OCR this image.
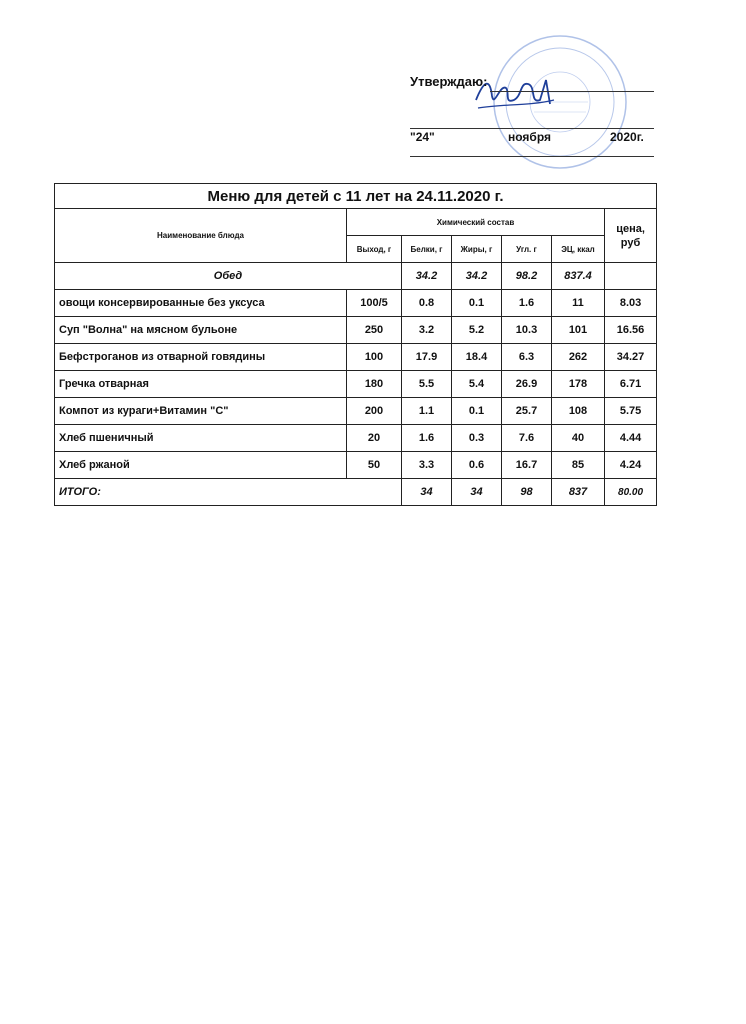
Утверждаю:
"24"	ноября	2020г.
Меню для детей с 11 лет на 24.11.2020 г.						
Наименование блюда	Химический состав					цена, руб
	Выход, г	Белки, г	Жиры, г	Угл. г	ЭЦ, ккал	
Обед		34.2	34.2	98.2	837.4	
овощи консервированные без уксуса	100/5	0.8	0.1	1.6	11	8.03
Суп "Волна" на мясном бульоне	250	3.2	5.2	10.3	101	16.56
Бефстроганов из отварной говядины	100	17.9	18.4	6.3	262	34.27
Гречка отварная	180	5.5	5.4	26.9	178	6.71
Компот из кураги+Витамин "С"	200	1.1	0.1	25.7	108	5.75
Хлеб пшеничный	20	1.6	0.3	7.6	40	4.44
Хлеб ржаной	50	3.3	0.6	16.7	85	4.24
ИТОГО:		34	34	98	837	80.00
